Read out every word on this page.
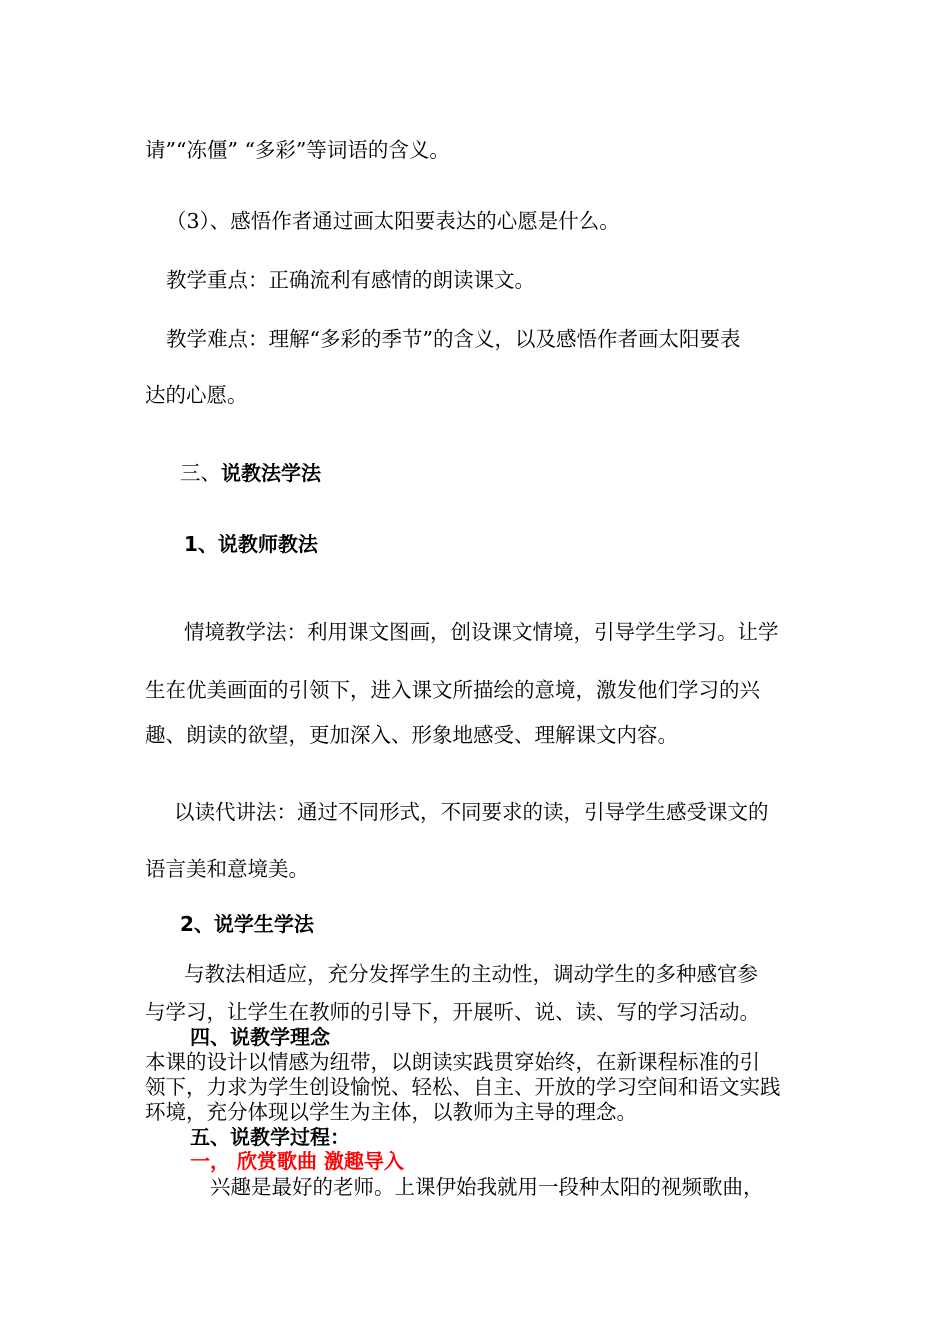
请”“冻僵” “多彩”等词语的含义。
（3）、感悟作者通过画太阳要表达的心愿是什么。
教学重点：正确流利有感情的朗读课文。
教学难点：理解“多彩的季节”的含义，以及感悟作者画太阳要表
达的心愿。
三、说教法学法
1、说教师教法
情境教学法：利用课文图画，创设课文情境，引导学生学习。让学
生在优美画面的引领下，进入课文所描绘的意境，激发他们学习的兴
趣、朗读的欲望，更加深入、形象地感受、理解课文内容。
以读代讲法：通过不同形式，不同要求的读，引导学生感受课文的
语言美和意境美。
2、说学生学法
与教法相适应，充分发挥学生的主动性，调动学生的多种感官参
与学习，让学生在教师的引导下，开展听、说、读、写的学习活动。
四、说教学理念
本课的设计以情感为纽带，以朗读实践贯穿始终，在新课程标准的引
领下，力求为学生创设愉悦、轻松、自主、开放的学习空间和语文实践
环境，充分体现以学生为主体，以教师为主导的理念。
五、说教学过程：
一， 欣赏歌曲 激趣导入
兴趣是最好的老师。上课伊始我就用一段种太阳的视频歌曲，
